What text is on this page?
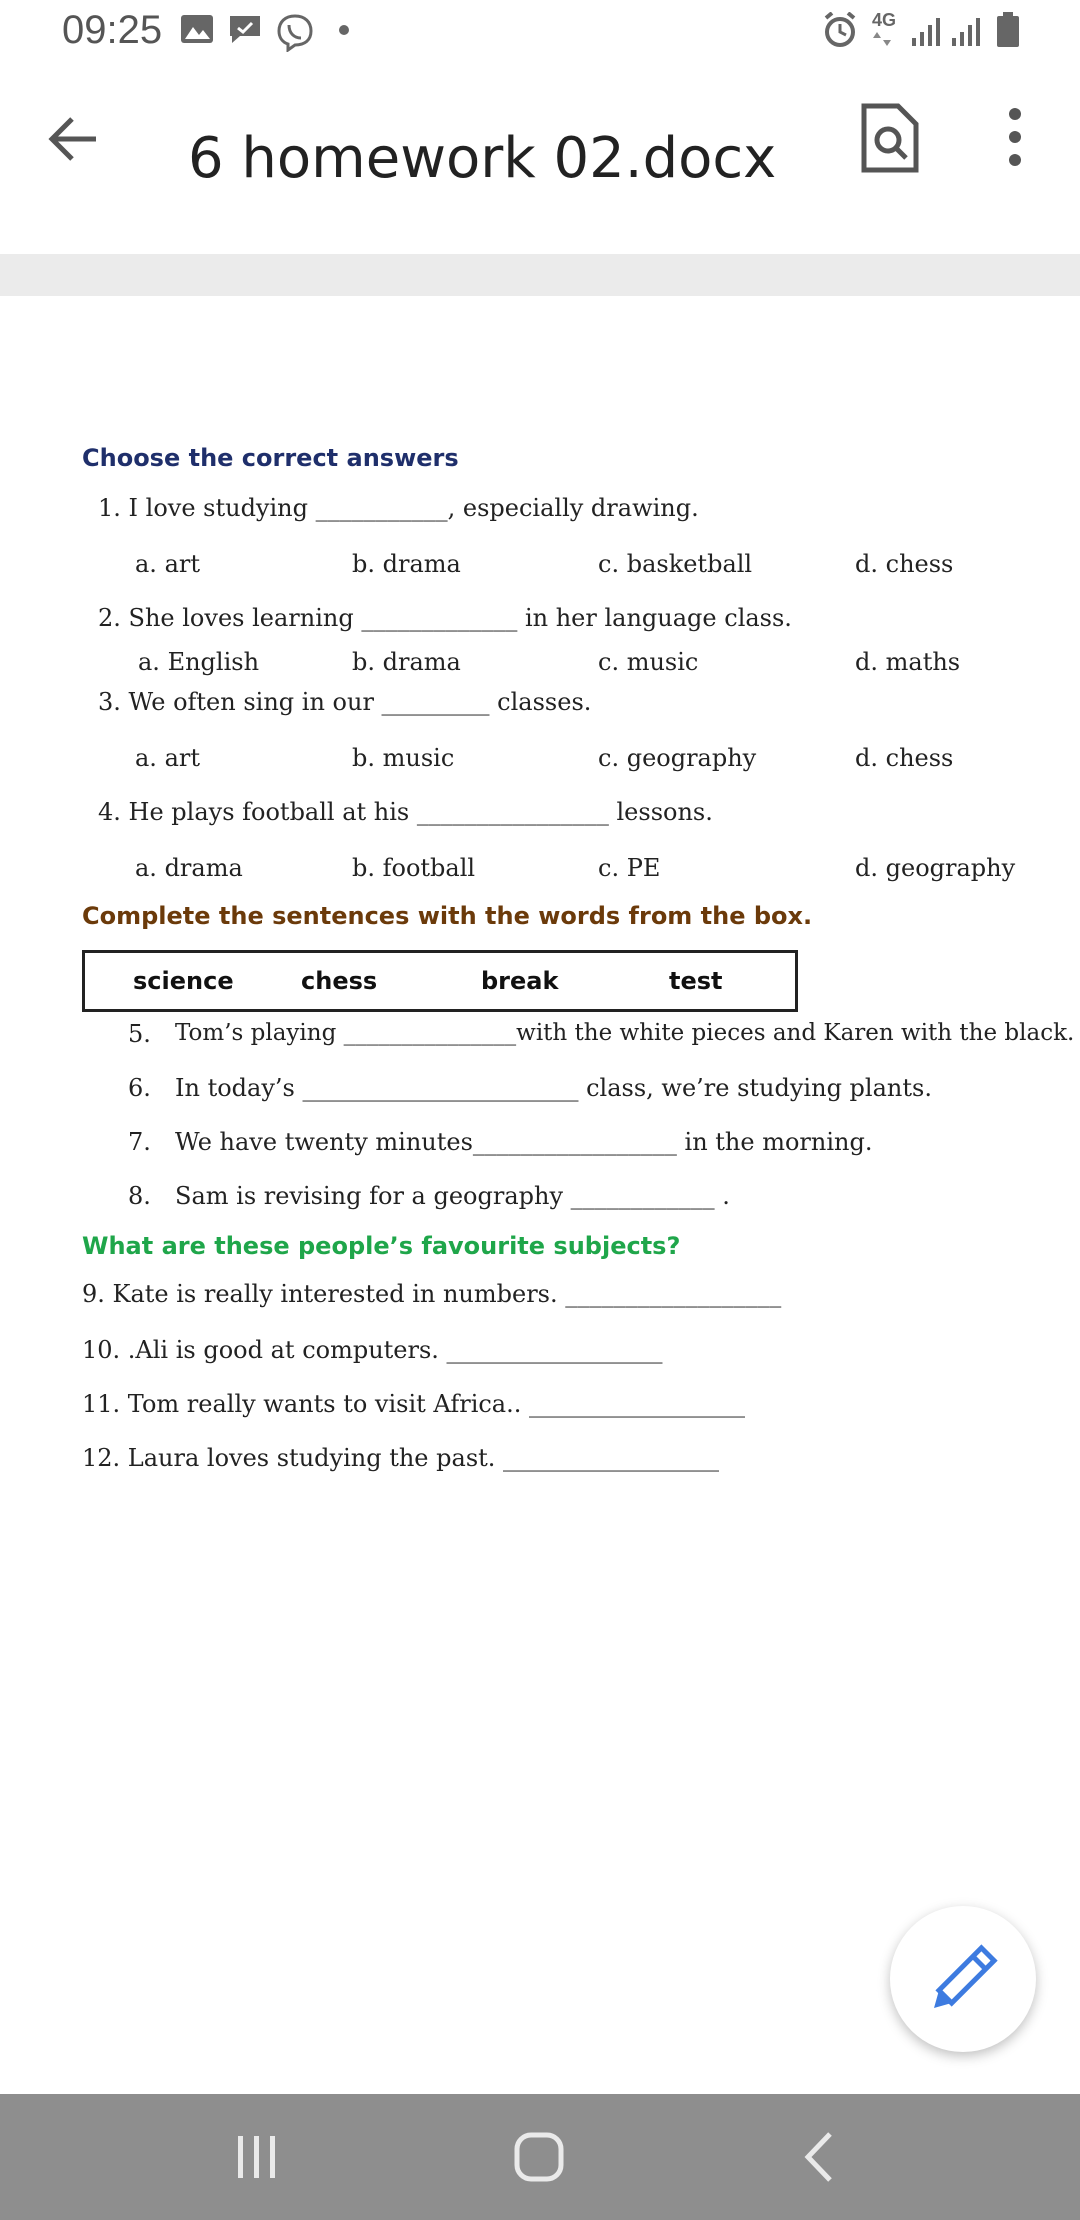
09:25	4G
6 homework 02.docx
Choose the correct answers
1. I love studying ___________, especially drawing.
a. art	b. drama	c. basketball	d. chess
2. She loves learning _____________ in her language class.
a. English	b. drama	c. music	d. maths
3. We often sing in our _________ classes.
a. art	b. music	c. geography	d. chess
4. He plays football at his ________________ lessons.
a. drama	b. football	c. PE	d. geography
Complete the sentences with the words from the box.
science	chess	break	test
5. Tom’s playing _______________with the white pieces and Karen with the black.
6. In today’s _______________________ class, we’re studying plants.
7. We have twenty minutes_________________ in the morning.
8. Sam is revising for a geography ____________ .
What are these people’s favourite subjects?
9. Kate is really interested in numbers. __________________
10. .Ali is good at computers. __________________
11. Tom really wants to visit Africa.. __________________
12. Laura loves studying the past. __________________
